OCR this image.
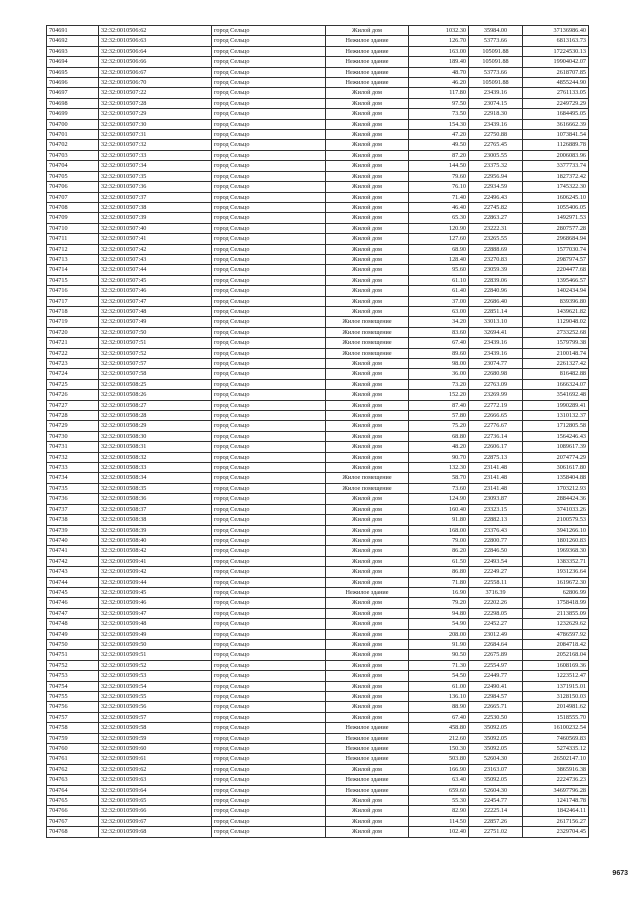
704691	32:32:0010506:62	город Сельцо	Жилой дом	1032.30	35984.00	37136986.40
704692	32:32:0010506:63	город Сельцо	Нежилое здание	126.70	53773.66	6813163.73
704693	32:32:0010506:64	город Сельцо	Нежилое здание	163.00	105091.88	17224530.13
704694	32:32:0010506:66	город Сельцо	Нежилое здание	189.40	105091.88	19904042.07
704695	32:32:0010506:67	город Сельцо	Нежилое здание	48.70	53773.66	2618707.85
704696	32:32:0010506:70	город Сельцо	Нежилое здание	46.20	105091.88	4855244.90
704697	32:32:0010507:22	город Сельцо	Жилой дом	117.80	23439.16	2761133.05
704698	32:32:0010507:28	город Сельцо	Жилой дом	97.50	23074.15	2249729.29
704699	32:32:0010507:29	город Сельцо	Жилой дом	73.50	22918.30	1684495.05
704700	32:32:0010507:30	город Сельцо	Жилой дом	154.30	23439.16	3616662.39
704701	32:32:0010507:31	город Сельцо	Жилой дом	47.20	22750.88	1073841.54
704702	32:32:0010507:32	город Сельцо	Жилой дом	49.50	22765.45	1126889.78
704703	32:32:0010507:33	город Сельцо	Жилой дом	87.20	23005.55	2006083.96
704704	32:32:0010507:34	город Сельцо	Жилой дом	144.50	23375.32	3377733.74
704705	32:32:0010507:35	город Сельцо	Жилой дом	79.60	22956.94	1827372.42
704706	32:32:0010507:36	город Сельцо	Жилой дом	76.10	22934.59	1745322.30
704707	32:32:0010507:37	город Сельцо	Жилой дом	71.40	22496.43	1606245.10
704708	32:32:0010507:38	город Сельцо	Жилой дом	46.40	22745.82	1055406.05
704709	32:32:0010507:39	город Сельцо	Жилой дом	65.30	22863.27	1492971.53
704710	32:32:0010507:40	город Сельцо	Жилой дом	120.90	23222.31	2807577.28
704711	32:32:0010507:41	город Сельцо	Жилой дом	127.60	23265.55	2968684.94
704712	32:32:0010507:42	город Сельцо	Жилой дом	68.90	22888.69	1577030.74
704713	32:32:0010507:43	город Сельцо	Жилой дом	128.40	23270.83	2987974.57
704714	32:32:0010507:44	город Сельцо	Жилой дом	95.60	23059.39	2204477.68
704715	32:32:0010507:45	город Сельцо	Жилой дом	61.10	22839.06	1395466.57
704716	32:32:0010507:46	город Сельцо	Жилой дом	61.40	22840.96	1402434.94
704717	32:32:0010507:47	город Сельцо	Жилой дом	37.00	22686.40	839396.80
704718	32:32:0010507:48	город Сельцо	Жилой дом	63.00	22851.14	1439621.82
704719	32:32:0010507:49	город Сельцо	Жилое помещение	34.20	33013.10	1129048.02
704720	32:32:0010507:50	город Сельцо	Жилое помещение	83.60	32694.41	2733252.68
704721	32:32:0010507:51	город Сельцо	Жилое помещение	67.40	23439.16	1579799.38
704722	32:32:0010507:52	город Сельцо	Жилое помещение	89.60	23439.16	2100148.74
704723	32:32:0010507:57	город Сельцо	Жилой дом	98.00	23074.77	2261327.42
704724	32:32:0010507:58	город Сельцо	Жилой дом	36.00	22680.98	816482.88
704725	32:32:0010508:25	город Сельцо	Жилой дом	73.20	22763.09	1666324.07
704726	32:32:0010508:26	город Сельцо	Жилой дом	152.20	23269.99	3541692.48
704727	32:32:0010508:27	город Сельцо	Жилой дом	87.40	22772.19	1990289.41
704728	32:32:0010508:28	город Сельцо	Жилой дом	57.80	22666.65	1310132.37
704729	32:32:0010508:29	город Сельцо	Жилой дом	75.20	22776.67	1712805.58
704730	32:32:0010508:30	город Сельцо	Жилой дом	68.80	22736.14	1564246.43
704731	32:32:0010508:31	город Сельцо	Жилой дом	48.20	22606.17	1089617.39
704732	32:32:0010508:32	город Сельцо	Жилой дом	90.70	22875.13	2074774.29
704733	32:32:0010508:33	город Сельцо	Жилой дом	132.30	23141.48	3061617.80
704734	32:32:0010508:34	город Сельцо	Жилое помещение	58.70	23141.48	1358404.88
704735	32:32:0010508:35	город Сельцо	Жилое помещение	73.60	23141.48	1703212.93
704736	32:32:0010508:36	город Сельцо	Жилой дом	124.90	23093.87	2884424.36
704737	32:32:0010508:37	город Сельцо	Жилой дом	160.40	23323.15	3741033.26
704738	32:32:0010508:38	город Сельцо	Жилой дом	91.80	22882.13	2100579.53
704739	32:32:0010508:39	город Сельцо	Жилой дом	168.00	23376.43	3941266.10
704740	32:32:0010508:40	город Сельцо	Жилой дом	79.00	22800.77	1801260.83
704741	32:32:0010508:42	город Сельцо	Жилой дом	86.20	22846.50	1969368.30
704742	32:32:0010509:41	город Сельцо	Жилой дом	61.50	22493.54	1383352.71
704743	32:32:0010509:42	город Сельцо	Жилой дом	86.80	22249.27	1931236.64
704744	32:32:0010509:44	город Сельцо	Жилой дом	71.80	22558.11	1619672.30
704745	32:32:0010509:45	город Сельцо	Нежилое здание	16.90	3716.39	62806.99
704746	32:32:0010509:46	город Сельцо	Жилой дом	79.20	22202.26	1758418.99
704747	32:32:0010509:47	город Сельцо	Жилой дом	94.80	22298.05	2113855.09
704748	32:32:0010509:48	город Сельцо	Жилой дом	54.90	22452.27	1232629.62
704749	32:32:0010509:49	город Сельцо	Жилой дом	208.00	23012.49	4786597.92
704750	32:32:0010509:50	город Сельцо	Жилой дом	91.90	22684.64	2084718.42
704751	32:32:0010509:51	город Сельцо	Жилой дом	90.50	22675.89	2052168.04
704752	32:32:0010509:52	город Сельцо	Жилой дом	71.30	22554.97	1608169.36
704753	32:32:0010509:53	город Сельцо	Жилой дом	54.50	22449.77	1223512.47
704754	32:32:0010509:54	город Сельцо	Жилой дом	61.00	22490.41	1371915.01
704755	32:32:0010509:55	город Сельцо	Жилой дом	136.10	22984.57	3128150.03
704756	32:32:0010509:56	город Сельцо	Жилой дом	88.90	22665.71	2014981.62
704757	32:32:0010509:57	город Сельцо	Жилой дом	67.40	22530.50	1518555.70
704758	32:32:0010509:58	город Сельцо	Нежилое здание	458.80	35092.05	16100232.54
704759	32:32:0010509:59	город Сельцо	Нежилое здание	212.60	35092.05	7460569.83
704760	32:32:0010509:60	город Сельцо	Нежилое здание	150.30	35092.05	5274335.12
704761	32:32:0010509:61	город Сельцо	Нежилое здание	503.80	52604.30	26502147.10
704762	32:32:0010509:62	город Сельцо	Жилой дом	166.90	23163.07	3865916.38
704763	32:32:0010509:63	город Сельцо	Нежилое здание	63.40	35092.05	2224736.23
704764	32:32:0010509:64	город Сельцо	Нежилое здание	659.60	52604.30	34697796.28
704765	32:32:0010509:65	город Сельцо	Жилой дом	55.30	22454.77	1241748.78
704766	32:32:0010509:66	город Сельцо	Жилой дом	82.90	22225.14	1842464.11
704767	32:32:0010509:67	город Сельцо	Жилой дом	114.50	22857.26	2617156.27
704768	32:32:0010509:68	город Сельцо	Жилой дом	102.40	22751.02	2329704.45
9673
